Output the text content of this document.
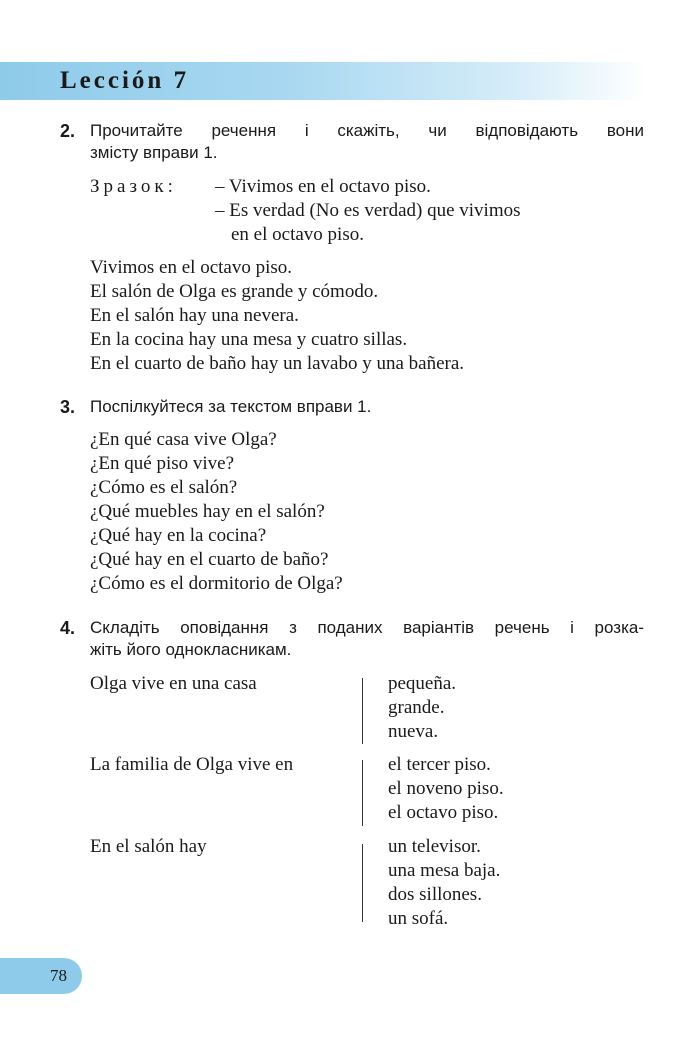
Lección 7
2. Прочитайте речення і скажіть, чи відповідають вони
змісту вправи 1.
Зразок: – Vivimos en el octavo piso.
– Es verdad (No es verdad) que vivimos
en el octavo piso.
Vivimos en el octavo piso.
El salón de Olga es grande y cómodo.
En el salón hay una nevera.
En la cocina hay una mesa y cuatro sillas.
En el cuarto de baño hay un lavabo y una bañera.
3. Поспілкуйтеся за текстом вправи 1.
¿En qué casa vive Olga?
¿En qué piso vive?
¿Cómo es el salón?
¿Qué muebles hay en el salón?
¿Qué hay en la cocina?
¿Qué hay en el cuarto de baño?
¿Cómo es el dormitorio de Olga?
4. Складіть оповідання з поданих варіантів речень і розка-
жіть його однокласникам.
Olga vive en una casa	pequeña.
grande.
nueva.
La familia de Olga vive en	el tercer piso.
el noveno piso.
el octavo piso.
En el salón hay	un televisor.
una mesa baja.
dos sillones.
un sofá.
78
